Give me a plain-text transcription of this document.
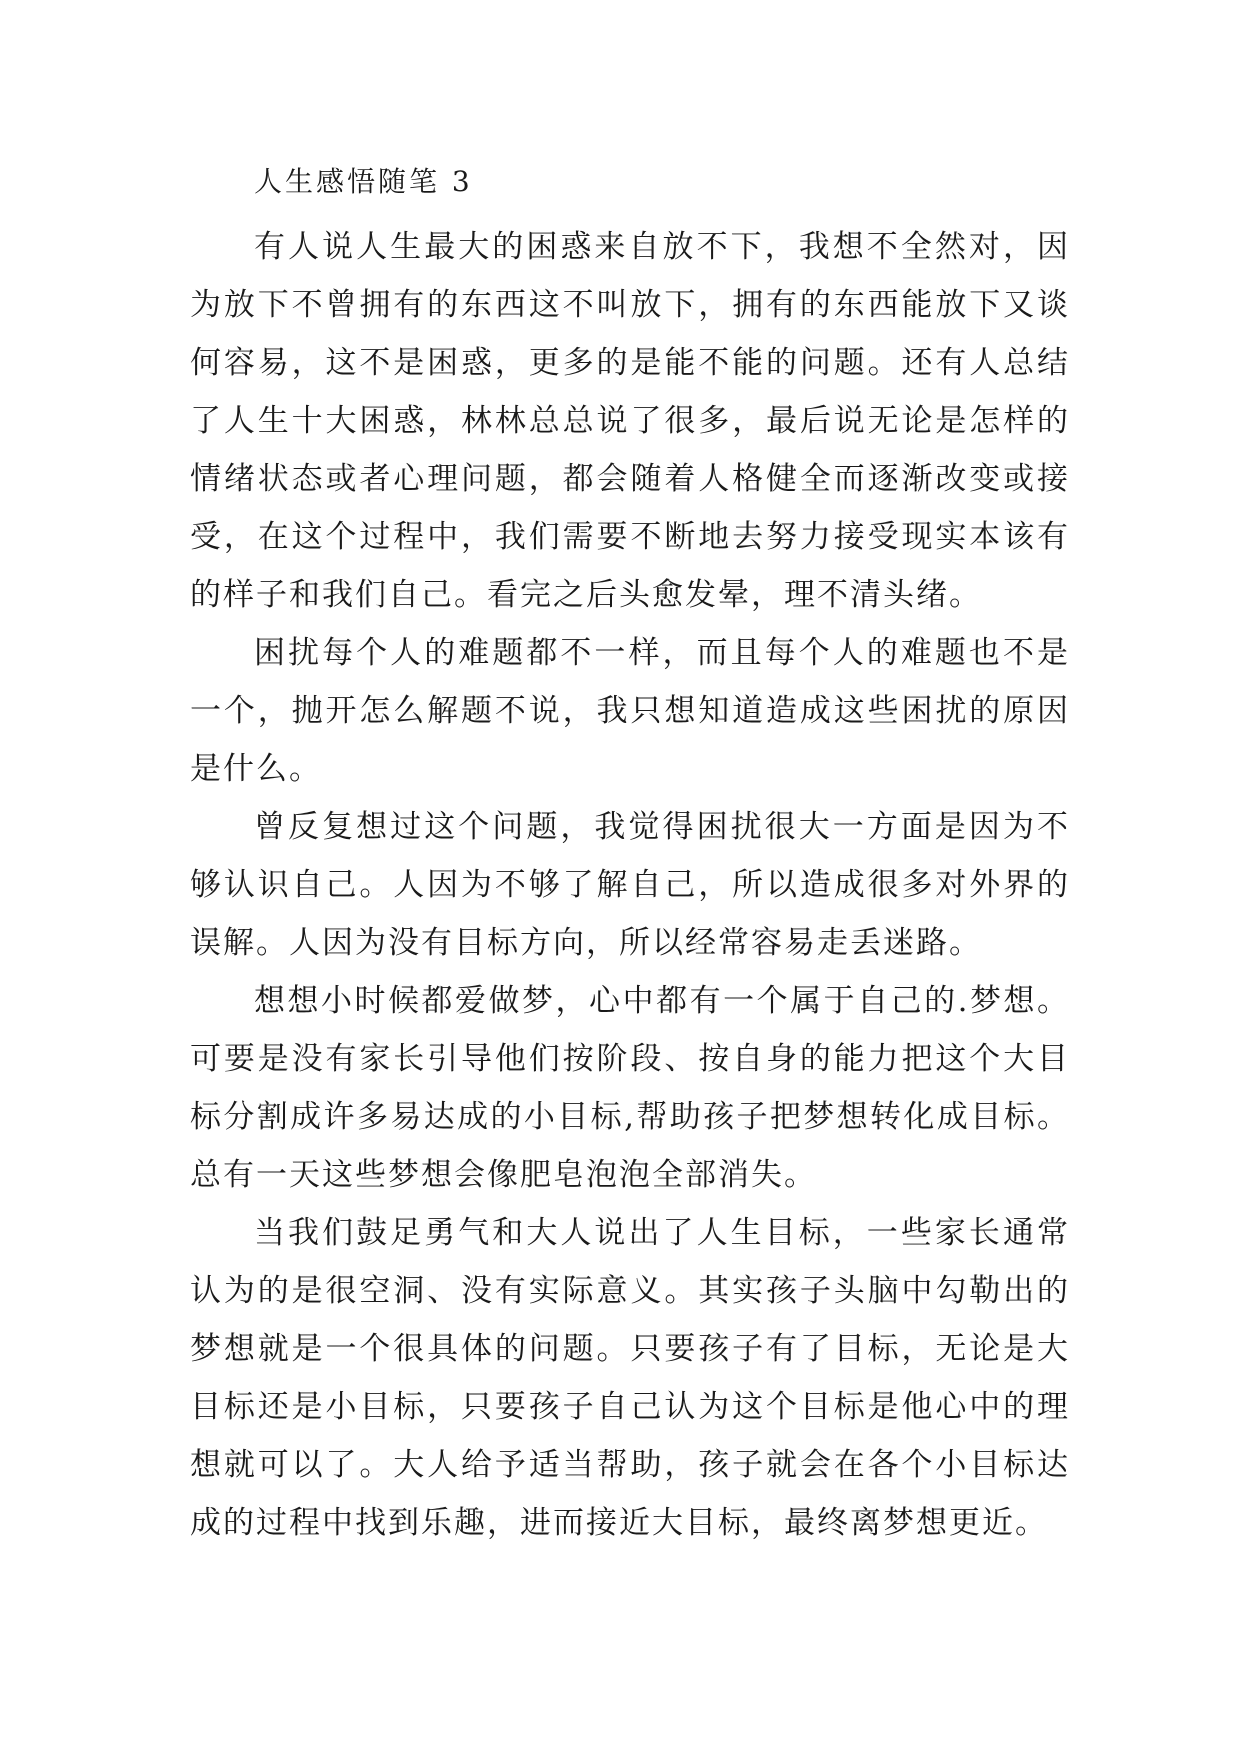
人生感悟随笔 3

有人说人生最大的困惑来自放不下，我想不全然对，因为放下不曾拥有的东西这不叫放下，拥有的东西能放下又谈何容易，这不是困惑，更多的是能不能的问题。还有人总结了人生十大困惑，林林总总说了很多，最后说无论是怎样的情绪状态或者心理问题，都会随着人格健全而逐渐改变或接受，在这个过程中，我们需要不断地去努力接受现实本该有的样子和我们自己。看完之后头愈发晕，理不清头绪。

困扰每个人的难题都不一样，而且每个人的难题也不是一个，抛开怎么解题不说，我只想知道造成这些困扰的原因是什么。

曾反复想过这个问题，我觉得困扰很大一方面是因为不够认识自己。人因为不够了解自己，所以造成很多对外界的误解。人因为没有目标方向，所以经常容易走丢迷路。

想想小时候都爱做梦，心中都有一个属于自己的.梦想。可要是没有家长引导他们按阶段、按自身的能力把这个大目标分割成许多易达成的小目标,帮助孩子把梦想转化成目标。总有一天这些梦想会像肥皂泡泡全部消失。

当我们鼓足勇气和大人说出了人生目标，一些家长通常认为的是很空洞、没有实际意义。其实孩子头脑中勾勒出的梦想就是一个很具体的问题。只要孩子有了目标，无论是大目标还是小目标，只要孩子自己认为这个目标是他心中的理想就可以了。大人给予适当帮助，孩子就会在各个小目标达成的过程中找到乐趣，进而接近大目标，最终离梦想更近。
